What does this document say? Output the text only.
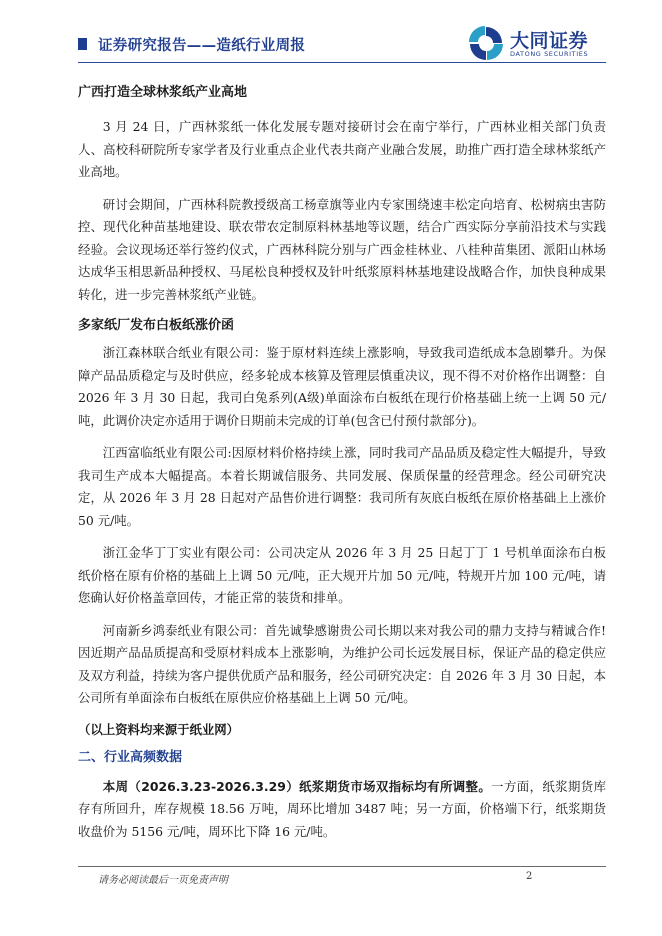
证券研究报告——造纸行业周报	大同证券
DATONG SECURITIES

广西打造全球林浆纸产业高地

3 月 24 日，广西林浆纸一体化发展专题对接研讨会在南宁举行，广西林业相关部门负责人、高校科研院所专家学者及行业重点企业代表共商产业融合发展，助推广西打造全球林浆纸产业高地。

研讨会期间，广西林科院教授级高工杨章旗等业内专家围绕速丰松定向培育、松树病虫害防控、现代化种苗基地建设、联农带农定制原料林基地等议题，结合广西实际分享前沿技术与实践经验。会议现场还举行签约仪式，广西林科院分别与广西金桂林业、八桂种苗集团、派阳山林场达成华玉相思新品种授权、马尾松良种授权及针叶纸浆原料林基地建设战略合作，加快良种成果转化，进一步完善林浆纸产业链。

多家纸厂发布白板纸涨价函

浙江森林联合纸业有限公司：鉴于原材料连续上涨影响，导致我司造纸成本急剧攀升。为保障产品品质稳定与及时供应，经多轮成本核算及管理层慎重决议，现不得不对价格作出调整：自 2026 年 3 月 30 日起，我司白兔系列(A级)单面涂布白板纸在现行价格基础上统一上调 50 元/吨，此调价决定亦适用于调价日期前未完成的订单(包含已付预付款部分)。

江西富临纸业有限公司:因原材料价格持续上涨，同时我司产品品质及稳定性大幅提升，导致我司生产成本大幅提高。本着长期诚信服务、共同发展、保质保量的经营理念。经公司研究决定，从 2026 年 3 月 28 日起对产品售价进行调整：我司所有灰底白板纸在原价格基础上上涨价 50 元/吨。

浙江金华丁丁实业有限公司：公司决定从 2026 年 3 月 25 日起丁丁 1 号机单面涂布白板纸价格在原有价格的基础上上调 50 元/吨，正大规开片加 50 元/吨，特规开片加 100 元/吨，请您确认好价格盖章回传，才能正常的装货和排单。

河南新乡鸿泰纸业有限公司：首先诚挚感谢贵公司长期以来对我公司的鼎力支持与精诚合作!因近期产品品质提高和受原材料成本上涨影响，为维护公司长远发展目标，保证产品的稳定供应及双方利益，持续为客户提供优质产品和服务，经公司研究决定：自 2026 年 3 月 30 日起，本公司所有单面涂布白板纸在原供应价格基础上上调 50 元/吨。

（以上资料均来源于纸业网）

二、行业高频数据

本周（2026.3.23-2026.3.29）纸浆期货市场双指标均有所调整。一方面，纸浆期货库存有所回升，库存规模 18.56 万吨，周环比增加 3487 吨；另一方面，价格端下行，纸浆期货收盘价为 5156 元/吨，周环比下降 16 元/吨。

请务必阅读最后一页免责声明	2
